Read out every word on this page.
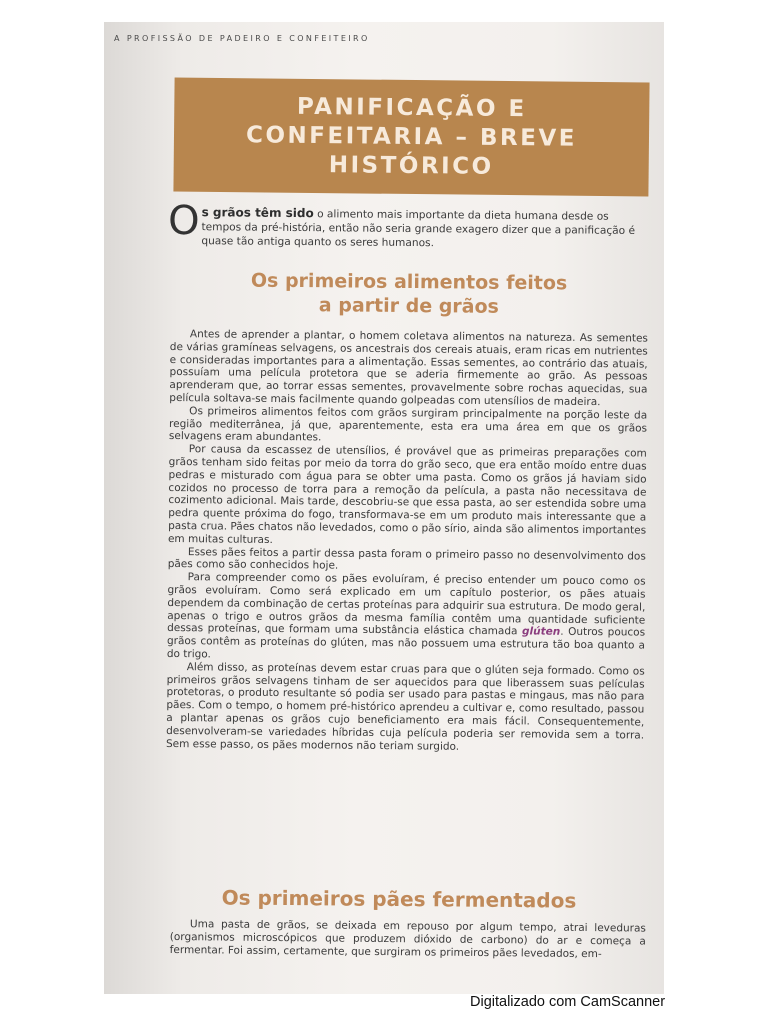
A PROFISSÃO DE PADEIRO E CONFEITEIRO
PANIFICAÇÃO E
CONFEITARIA – BREVE
HISTÓRICO
Os grãos têm sido o alimento mais importante da dieta humana desde os tempos da pré-história, então não seria grande exagero dizer que a panificação é quase tão antiga quanto os seres humanos.
Os primeiros alimentos feitos
a partir de grãos

Antes de aprender a plantar, o homem coletava alimentos na natureza. As sementes de várias gramíneas selvagens, os ancestrais dos cereais atuais, eram ricas em nutrientes e consideradas importantes para a alimentação. Essas sementes, ao contrário das atuais, possuíam uma película protetora que se aderia firmemente ao grão. As pessoas aprenderam que, ao torrar essas sementes, provavelmente sobre rochas aquecidas, sua película soltava-se mais facilmente quando golpeadas com utensílios de madeira.

Os primeiros alimentos feitos com grãos surgiram principalmente na porção leste da região mediterrânea, já que, aparentemente, esta era uma área em que os grãos selvagens eram abundantes.

Por causa da escassez de utensílios, é provável que as primeiras preparações com grãos tenham sido feitas por meio da torra do grão seco, que era então moído entre duas pedras e misturado com água para se obter uma pasta. Como os grãos já haviam sido cozidos no processo de torra para a remoção da película, a pasta não necessitava de cozimento adicional. Mais tarde, descobriu-se que essa pasta, ao ser estendida sobre uma pedra quente próxima do fogo, transformava-se em um produto mais interessante que a pasta crua. Pães chatos não levedados, como o pão sírio, ainda são alimentos importantes em muitas culturas.

Esses pães feitos a partir dessa pasta foram o primeiro passo no desenvolvimento dos pães como são conhecidos hoje.

Para compreender como os pães evoluíram, é preciso entender um pouco como os grãos evoluíram. Como será explicado em um capítulo posterior, os pães atuais dependem da combinação de certas proteínas para adquirir sua estrutura. De modo geral, apenas o trigo e outros grãos da mesma família contêm uma quantidade suficiente dessas proteínas, que formam uma substância elástica chamada glúten. Outros poucos grãos contêm as proteínas do glúten, mas não possuem uma estrutura tão boa quanto a do trigo.

Além disso, as proteínas devem estar cruas para que o glúten seja formado. Como os primeiros grãos selvagens tinham de ser aquecidos para que liberassem suas películas protetoras, o produto resultante só podia ser usado para pastas e mingaus, mas não para pães. Com o tempo, o homem pré-histórico aprendeu a cultivar e, como resultado, passou a plantar apenas os grãos cujo beneficiamento era mais fácil. Consequentemente, desenvolveram-se variedades híbridas cuja película poderia ser removida sem a torra. Sem esse passo, os pães modernos não teriam surgido.

Os primeiros pães fermentados

Uma pasta de grãos, se deixada em repouso por algum tempo, atrai leveduras (organismos microscópicos que produzem dióxido de carbono) do ar e começa a fermentar. Foi assim, certamente, que surgiram os primeiros pães levedados, em-

Digitalizado com CamScanner
